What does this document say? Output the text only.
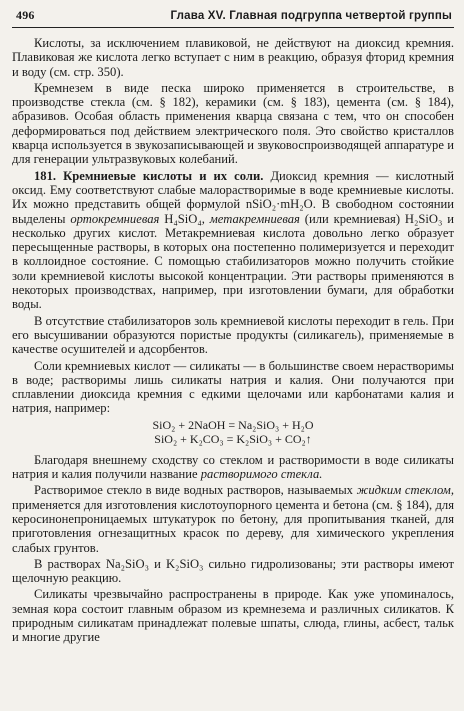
496	Глава XV. Главная подгруппа четвертой группы

Кислоты, за исключением плавиковой, не действуют на диоксид кремния. Плавиковая же кислота легко вступает с ним в реакцию, образуя фторид кремния и воду (см. стр. 350).

Кремнезем в виде песка широко применяется в строительстве, в производстве стекла (см. § 182), керамики (см. § 183), цемента (см. § 184), абразивов. Особая область применения кварца связана с тем, что он способен деформироваться под действием электрического поля. Это свойство кристаллов кварца используется в звукозаписывающей и звуковоспроизводящей аппаратуре и для генерации ультразвуковых колебаний.

181. Кремниевые кислоты и их соли. Диоксид кремния — кислотный оксид. Ему соответствуют слабые малорастворимые в воде кремниевые кислоты. Их можно представить общей формулой nSiO₂·mH₂O. В свободном состоянии выделены ортокремниевая H₄SiO₄, метакремниевая (или кремниевая) H₂SiO₃ и несколько других кислот. Метакремниевая кислота довольно легко образует пересыщенные растворы, в которых она постепенно полимеризуется и переходит в коллоидное состояние. С помощью стабилизаторов можно получить стойкие золи кремниевой кислоты высокой концентрации. Эти растворы применяются в некоторых производствах, например, при изготовлении бумаги, для обработки воды.

В отсутствие стабилизаторов золь кремниевой кислоты переходит в гель. При его высушивании образуются пористые продукты (силикагель), применяемые в качестве осушителей и адсорбентов.

Соли кремниевых кислот — силикаты — в большинстве своем нерастворимы в воде; растворимы лишь силикаты натрия и калия. Они получаются при сплавлении диоксида кремния с едкими щелочами или карбонатами калия и натрия, например:

SiO₂ + 2NaOH = Na₂SiO₃ + H₂O
SiO₂ + K₂CO₃ = K₂SiO₃ + CO₂↑

Благодаря внешнему сходству со стеклом и растворимости в воде силикаты натрия и калия получили название растворимого стекла.

Растворимое стекло в виде водных растворов, называемых жидким стеклом, применяется для изготовления кислотоупорного цемента и бетона (см. § 184), для керосинонепроницаемых штукатурок по бетону, для пропитывания тканей, для приготовления огнезащитных красок по дереву, для химического укрепления слабых грунтов.

В растворах Na₂SiO₃ и K₂SiO₃ сильно гидролизованы; эти растворы имеют щелочную реакцию.

Силикаты чрезвычайно распространены в природе. Как уже упоминалось, земная кора состоит главным образом из кремнезема и различных силикатов. К природным силикатам принадлежат полевые шпаты, слюда, глины, асбест, тальк и многие другие
